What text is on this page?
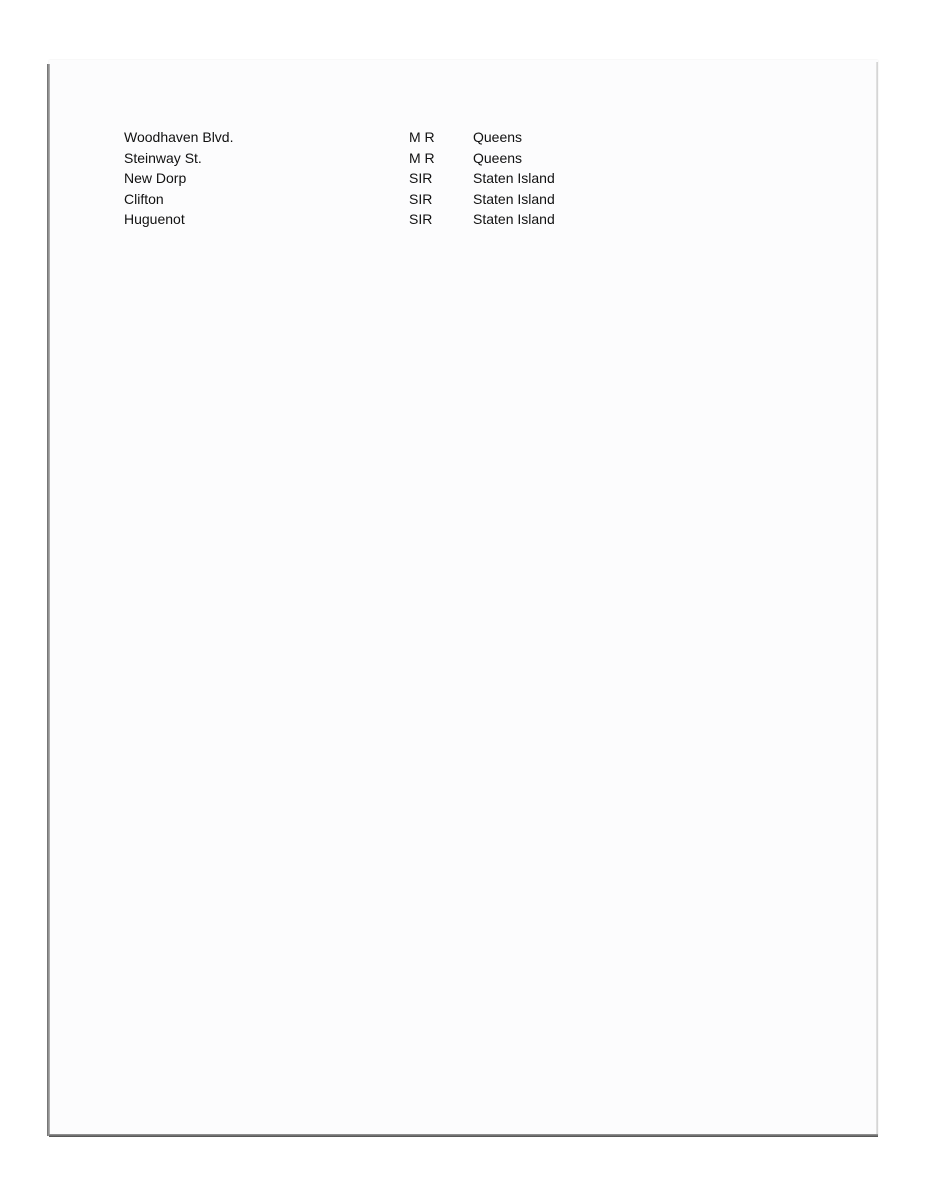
Woodhaven Blvd.	M R	Queens
Steinway St.	M R	Queens
New Dorp	SIR	Staten Island
Clifton	SIR	Staten Island
Huguenot	SIR	Staten Island
